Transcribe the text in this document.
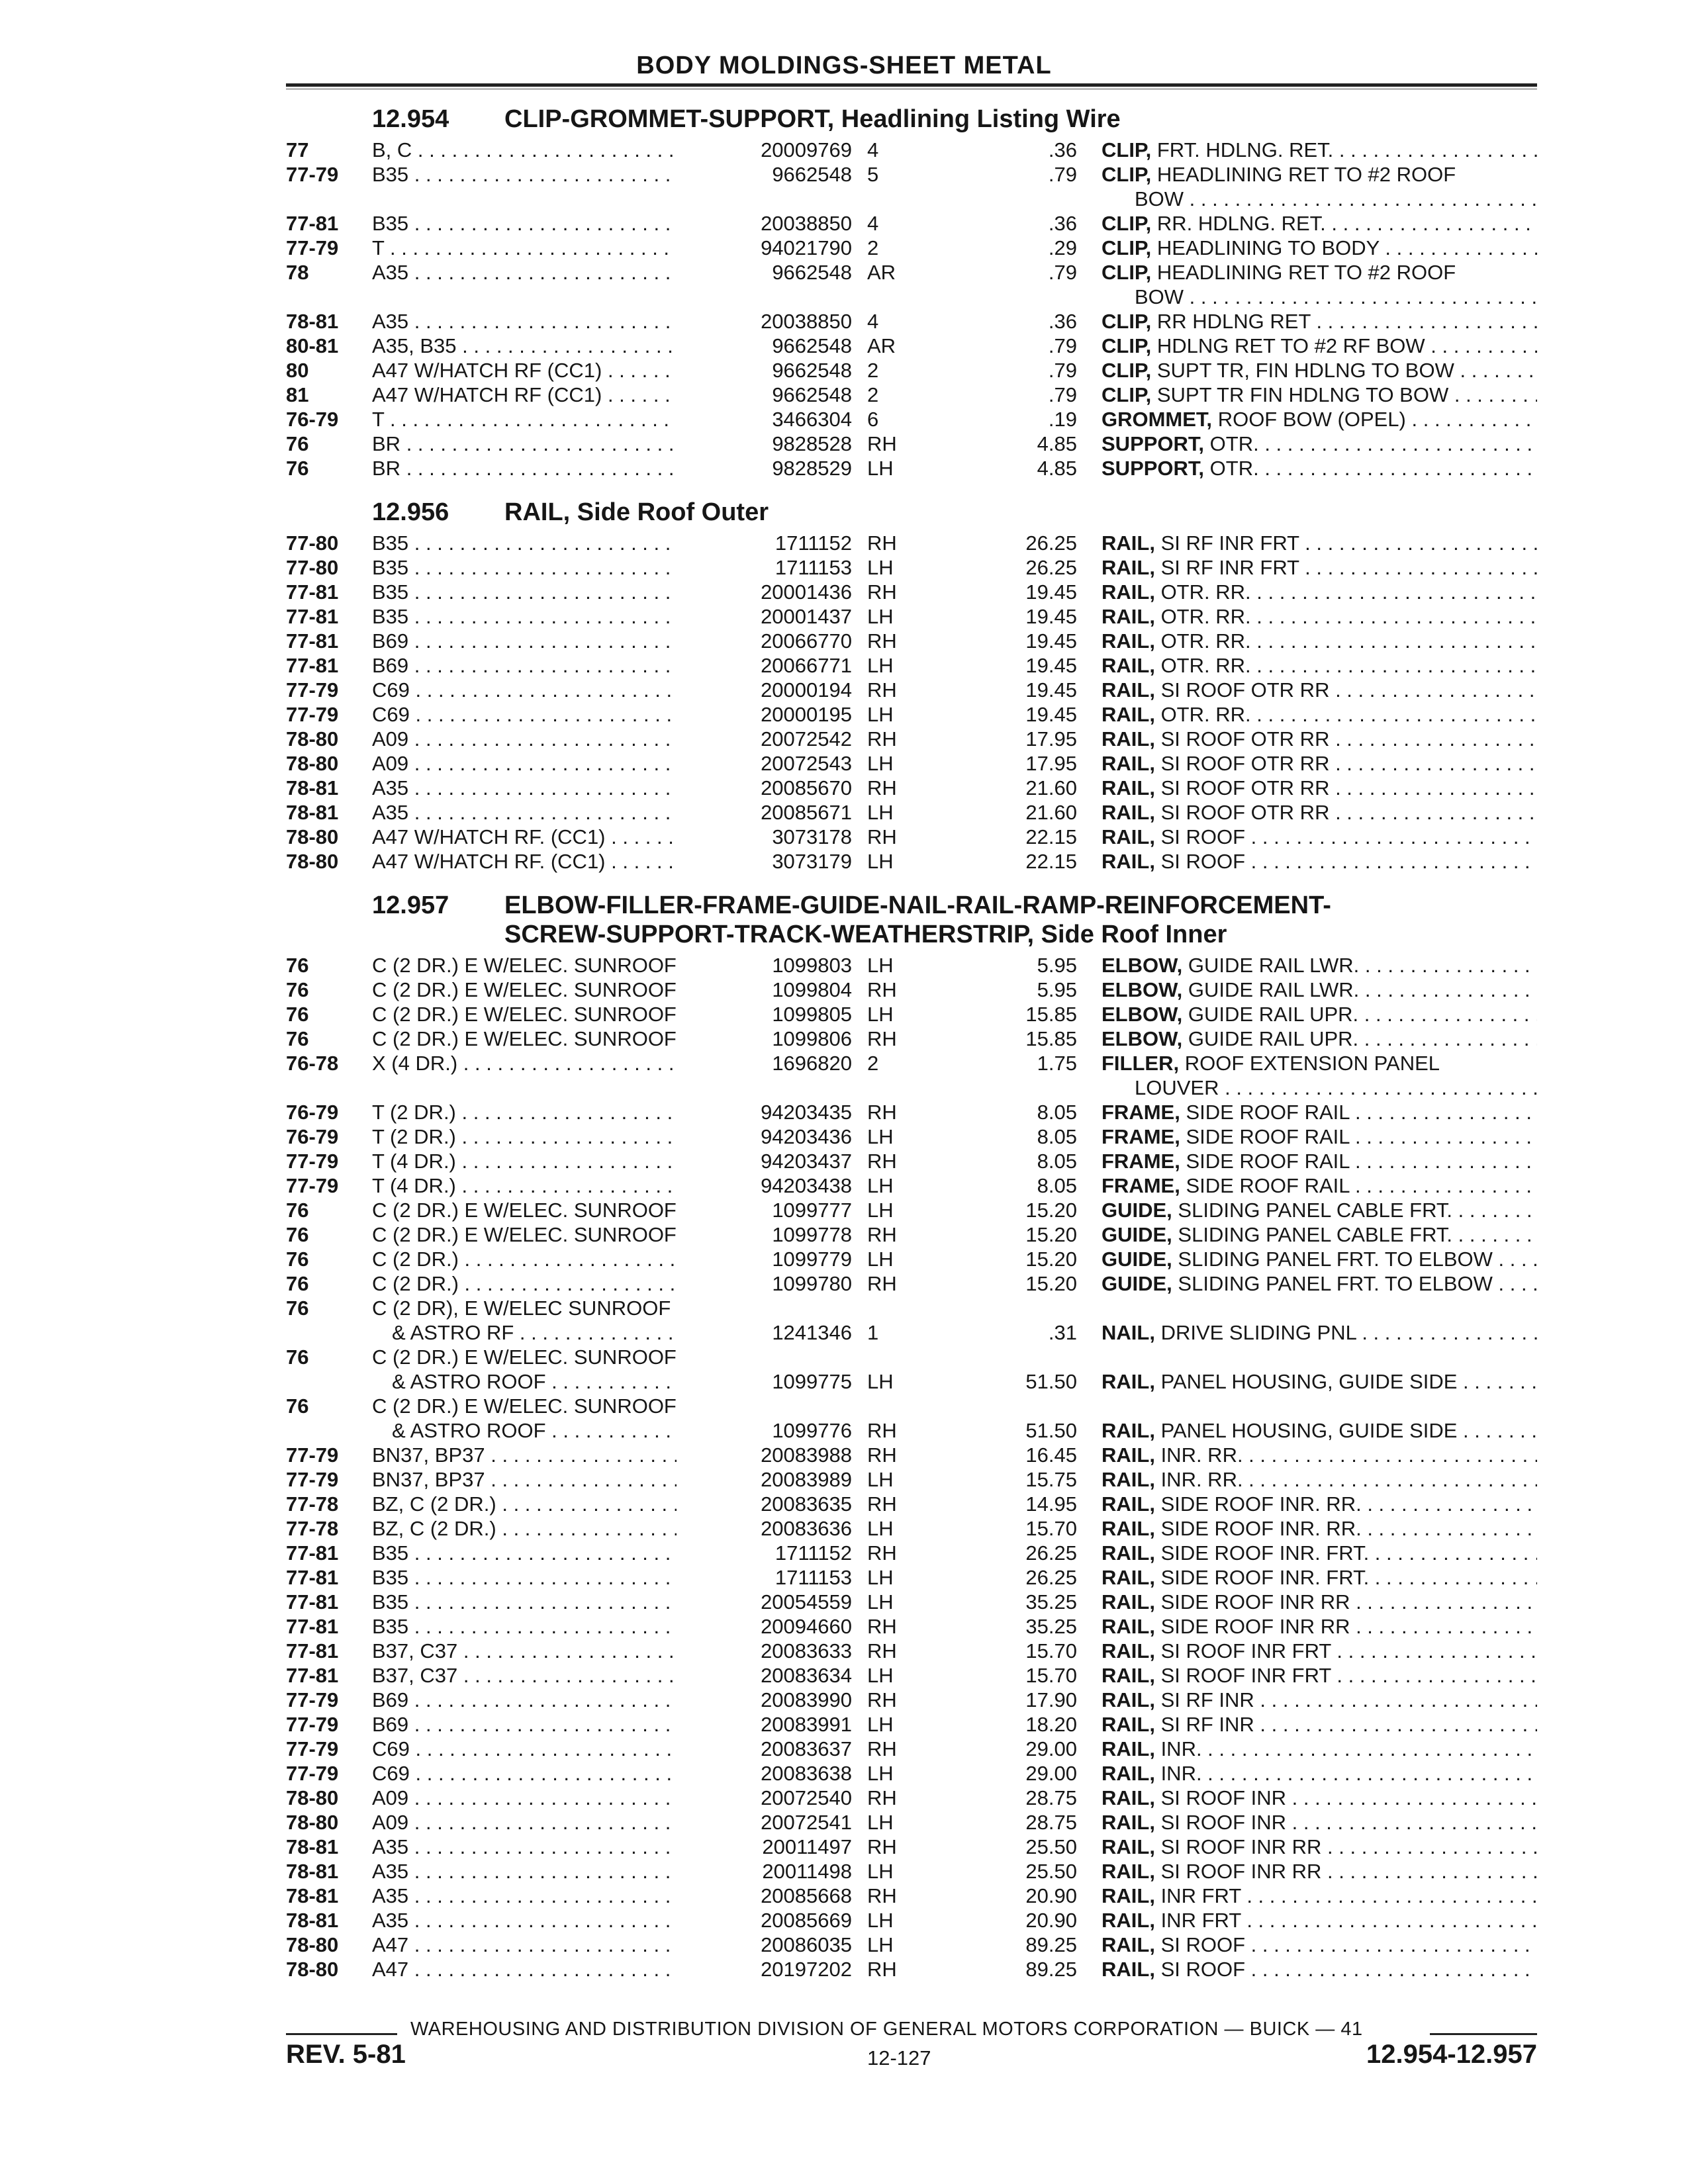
BODY MOLDINGS-SHEET METAL
12.954 CLIP-GROMMET-SUPPORT, Headlining Listing Wire
77	B, C . . .	20009769 4	.36 CLIP, FRT. HDLNG. RET. . . .
77-79	B35 . . .	9662548 5	.79 CLIP, HEADLINING RET TO #2 ROOF
BOW . . .
77-81	B35 . . .	20038850 4	.36 CLIP, RR. HDLNG. RET. . . .
77-79	T . . .	94021790 2	.29 CLIP, HEADLINING TO BODY . . .
78	A35 . . .	9662548 AR	.79 CLIP, HEADLINING RET TO #2 ROOF
BOW . . .
78-81	A35 . . .	20038850 4	.36 CLIP, RR HDLNG RET . . .
80-81	A35, B35 . . .	9662548 AR	.79 CLIP, HDLNG RET TO #2 RF BOW . . .
80	A47 W/HATCH RF (CC1) . . .	9662548 2	.79 CLIP, SUPT TR, FIN HDLNG TO BOW . . .
81	A47 W/HATCH RF (CC1) . . .	9662548 2	.79 CLIP, SUPT TR FIN HDLNG TO BOW . . .
76-79	T . . .	3466304 6	.19 GROMMET, ROOF BOW (OPEL) . . .
76	BR . . .	9828528 RH	4.85 SUPPORT, OTR. . . .
76	BR . . .	9828529 LH	4.85 SUPPORT, OTR. . . .
12.956 RAIL, Side Roof Outer
77-80	B35 . . .	1711152 RH	26.25 RAIL, SI RF INR FRT . . .
77-80	B35 . . .	1711153 LH	26.25 RAIL, SI RF INR FRT . . .
77-81	B35 . . .	20001436 RH	19.45 RAIL, OTR. RR. . . .
77-81	B35 . . .	20001437 LH	19.45 RAIL, OTR. RR. . . .
77-81	B69 . . .	20066770 RH	19.45 RAIL, OTR. RR. . . .
77-81	B69 . . .	20066771 LH	19.45 RAIL, OTR. RR. . . .
77-79	C69 . . .	20000194 RH	19.45 RAIL, SI ROOF OTR RR . . .
77-79	C69 . . .	20000195 LH	19.45 RAIL, OTR. RR. . . .
78-80	A09 . . .	20072542 RH	17.95 RAIL, SI ROOF OTR RR . . .
78-80	A09 . . .	20072543 LH	17.95 RAIL, SI ROOF OTR RR . . .
78-81	A35 . . .	20085670 RH	21.60 RAIL, SI ROOF OTR RR . . .
78-81	A35 . . .	20085671 LH	21.60 RAIL, SI ROOF OTR RR . . .
78-80	A47 W/HATCH RF. (CC1) . . .	3073178 RH	22.15 RAIL, SI ROOF . . .
78-80	A47 W/HATCH RF. (CC1) . . .	3073179 LH	22.15 RAIL, SI ROOF . . .
12.957 ELBOW-FILLER-FRAME-GUIDE-NAIL-RAIL-RAMP-REINFORCEMENT-
SCREW-SUPPORT-TRACK-WEATHERSTRIP, Side Roof Inner
76	C (2 DR.) E W/ELEC. SUNROOF	1099803 LH	5.95 ELBOW, GUIDE RAIL LWR. . . .
76	C (2 DR.) E W/ELEC. SUNROOF	1099804 RH	5.95 ELBOW, GUIDE RAIL LWR. . . .
76	C (2 DR.) E W/ELEC. SUNROOF	1099805 LH	15.85 ELBOW, GUIDE RAIL UPR. . . .
76	C (2 DR.) E W/ELEC. SUNROOF	1099806 RH	15.85 ELBOW, GUIDE RAIL UPR. . . .
76-78	X (4 DR.) . . .	1696820 2	1.75 FILLER, ROOF EXTENSION PANEL
LOUVER . . .
76-79	T (2 DR.) . . .	94203435 RH	8.05 FRAME, SIDE ROOF RAIL . . .
76-79	T (2 DR.) . . .	94203436 LH	8.05 FRAME, SIDE ROOF RAIL . . .
77-79	T (4 DR.) . . .	94203437 RH	8.05 FRAME, SIDE ROOF RAIL . . .
77-79	T (4 DR.) . . .	94203438 LH	8.05 FRAME, SIDE ROOF RAIL . . .
76	C (2 DR.) E W/ELEC. SUNROOF	1099777 LH	15.20 GUIDE, SLIDING PANEL CABLE FRT. . . .
76	C (2 DR.) E W/ELEC. SUNROOF	1099778 RH	15.20 GUIDE, SLIDING PANEL CABLE FRT. . . .
76	C (2 DR.) . . .	1099779 LH	15.20 GUIDE, SLIDING PANEL FRT. TO ELBOW . . .
76	C (2 DR.) . . .	1099780 RH	15.20 GUIDE, SLIDING PANEL FRT. TO ELBOW . . .
76	C (2 DR), E W/ELEC SUNROOF
& ASTRO RF . . .	1241346 1	.31 NAIL, DRIVE SLIDING PNL . . .
76	C (2 DR.) E W/ELEC. SUNROOF
& ASTRO ROOF . . .	1099775 LH	51.50 RAIL, PANEL HOUSING, GUIDE SIDE . . .
76	C (2 DR.) E W/ELEC. SUNROOF
& ASTRO ROOF . . .	1099776 RH	51.50 RAIL, PANEL HOUSING, GUIDE SIDE . . .
77-79	BN37, BP37 . . .	20083988 RH	16.45 RAIL, INR. RR. . . .
77-79	BN37, BP37 . . .	20083989 LH	15.75 RAIL, INR. RR. . . .
77-78	BZ, C (2 DR.) . . .	20083635 RH	14.95 RAIL, SIDE ROOF INR. RR. . . .
77-78	BZ, C (2 DR.) . . .	20083636 LH	15.70 RAIL, SIDE ROOF INR. RR. . . .
77-81	B35 . . .	1711152 RH	26.25 RAIL, SIDE ROOF INR. FRT. . . .
77-81	B35 . . .	1711153 LH	26.25 RAIL, SIDE ROOF INR. FRT. . . .
77-81	B35 . . .	20054559 LH	35.25 RAIL, SIDE ROOF INR RR . . .
77-81	B35 . . .	20094660 RH	35.25 RAIL, SIDE ROOF INR RR . . .
77-81	B37, C37 . . .	20083633 RH	15.70 RAIL, SI ROOF INR FRT . . .
77-81	B37, C37 . . .	20083634 LH	15.70 RAIL, SI ROOF INR FRT . . .
77-79	B69 . . .	20083990 RH	17.90 RAIL, SI RF INR . . .
77-79	B69 . . .	20083991 LH	18.20 RAIL, SI RF INR . . .
77-79	C69 . . .	20083637 RH	29.00 RAIL, INR. . . .
77-79	C69 . . .	20083638 LH	29.00 RAIL, INR. . . .
78-80	A09 . . .	20072540 RH	28.75 RAIL, SI ROOF INR . . .
78-80	A09 . . .	20072541 LH	28.75 RAIL, SI ROOF INR . . .
78-81	A35 . . .	20011497 RH	25.50 RAIL, SI ROOF INR RR . . .
78-81	A35 . . .	20011498 LH	25.50 RAIL, SI ROOF INR RR . . .
78-81	A35 . . .	20085668 RH	20.90 RAIL, INR FRT . . .
78-81	A35 . . .	20085669 LH	20.90 RAIL, INR FRT . . .
78-80	A47 . . .	20086035 LH	89.25 RAIL, SI ROOF . . .
78-80	A47 . . .	20197202 RH	89.25 RAIL, SI ROOF . . .
WAREHOUSING AND DISTRIBUTION DIVISION OF GENERAL MOTORS CORPORATION — BUICK — 41
REV. 5-81	12-127	12.954-12.957
